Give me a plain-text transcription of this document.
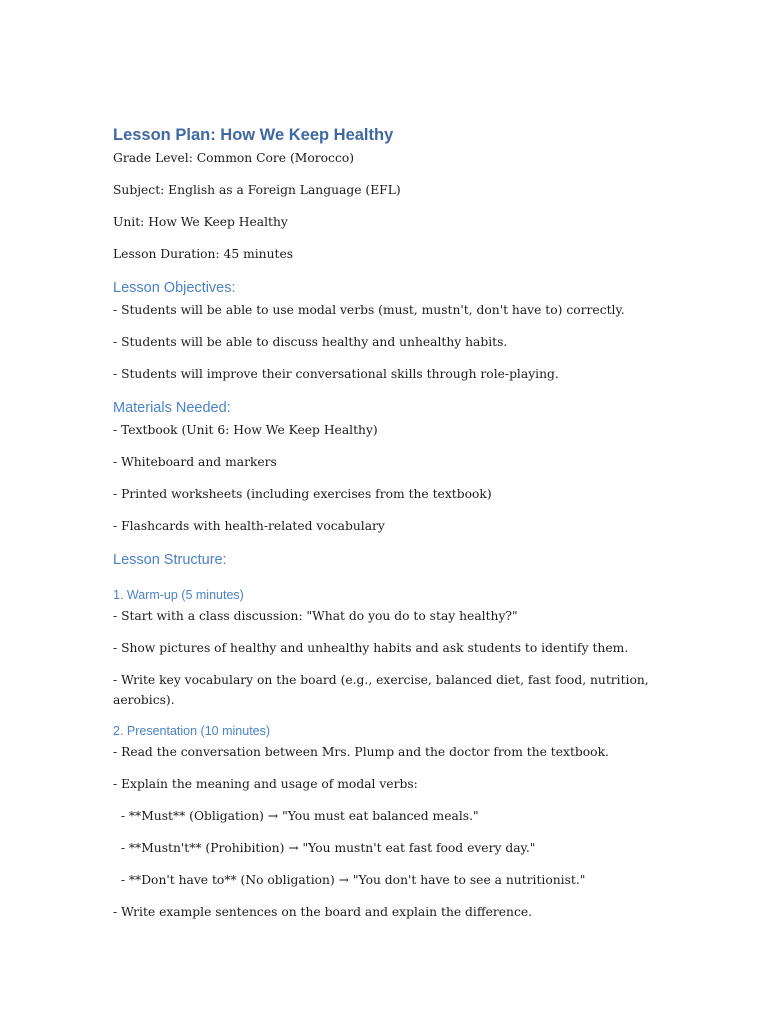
Lesson Plan: How We Keep Healthy

Grade Level: Common Core (Morocco)

Subject: English as a Foreign Language (EFL)

Unit: How We Keep Healthy

Lesson Duration: 45 minutes

Lesson Objectives:

- Students will be able to use modal verbs (must, mustn't, don't have to) correctly.

- Students will be able to discuss healthy and unhealthy habits.

- Students will improve their conversational skills through role-playing.

Materials Needed:

- Textbook (Unit 6: How We Keep Healthy)

- Whiteboard and markers

- Printed worksheets (including exercises from the textbook)

- Flashcards with health-related vocabulary

Lesson Structure:
1. Warm-up (5 minutes)

- Start with a class discussion: "What do you do to stay healthy?"

- Show pictures of healthy and unhealthy habits and ask students to identify them.

- Write key vocabulary on the board (e.g., exercise, balanced diet, fast food, nutrition, aerobics).

2. Presentation (10 minutes)

- Read the conversation between Mrs. Plump and the doctor from the textbook.

- Explain the meaning and usage of modal verbs:

- **Must** (Obligation) → "You must eat balanced meals."

- **Mustn't** (Prohibition) → "You mustn't eat fast food every day."

- **Don't have to** (No obligation) → "You don't have to see a nutritionist."

- Write example sentences on the board and explain the difference.
